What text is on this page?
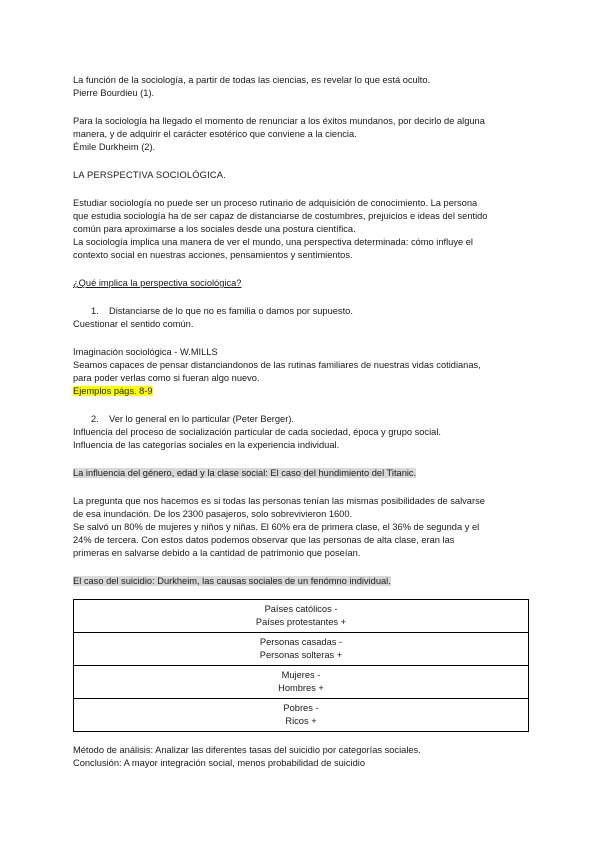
La función de la sociología, a partir de todas las ciencias, es revelar lo que está oculto.

Pierre Bourdieu (1).

Para la sociología ha llegado el momento de renunciar a los éxitos mundanos, por decirlo de alguna

manera, y de adquirir el carácter esotérico que conviene a la ciencia.

Émile Durkheim (2).

LA PERSPECTIVA SOCIOLÓGICA.

Estudiar sociología no puede ser un proceso rutinario de adquisición de conocimiento. La persona

que estudia sociología ha de ser capaz de distanciarse de costumbres, prejuicios e ideas del sentido

común para aproximarse a los sociales desde una postura científica.

La sociología implica una manera de ver el mundo, una perspectiva determinada: cómo influye el

contexto social en nuestras acciones, pensamientos y sentimientos.

¿Qué implica la perspectiva sociológica?

1. Distanciarse de lo que no es familia o damos por supuesto.

Cuestionar el sentido común.

Imaginación sociológica - W.MILLS

Seamos capaces de pensar distanciandonos de las rutinas familiares de nuestras vidas cotidianas,

para poder verlas como si fueran algo nuevo.

Ejemplos págs. 8-9

2. Ver lo general en lo particular (Peter Berger).

Influencia del proceso de socialización particular de cada sociedad, época y grupo social.

Influencia de las categorías sociales en la experiencia individual.

La influencia del género, edad y la clase social: El caso del hundimiento del Titanic.

La pregunta que nos hacemos es si todas las personas tenían las mismas posibilidades de salvarse

de esa inundación. De los 2300 pasajeros, solo sobrevivieron 1600.

Se salvó un 80% de mujeres y niños y niñas. El 60% era de primera clase, el 36% de segunda y el

24% de tercera. Con estos datos podemos observar que las personas de alta clase, eran las

primeras en salvarse debido a la cantidad de patrimonio que poseían.

El caso del suicidio: Durkheim, las causas sociales de un fenómno individual.

Países católicos -
Países protestantes +

Personas casadas -
Personas solteras +

Mujeres -
Hombres +

Pobres -
Ricos +

Método de análisis: Analizar las diferentes tasas del suicidio por categorías sociales.

Conclusión: A mayor integración social, menos probabilidad de suicidio
